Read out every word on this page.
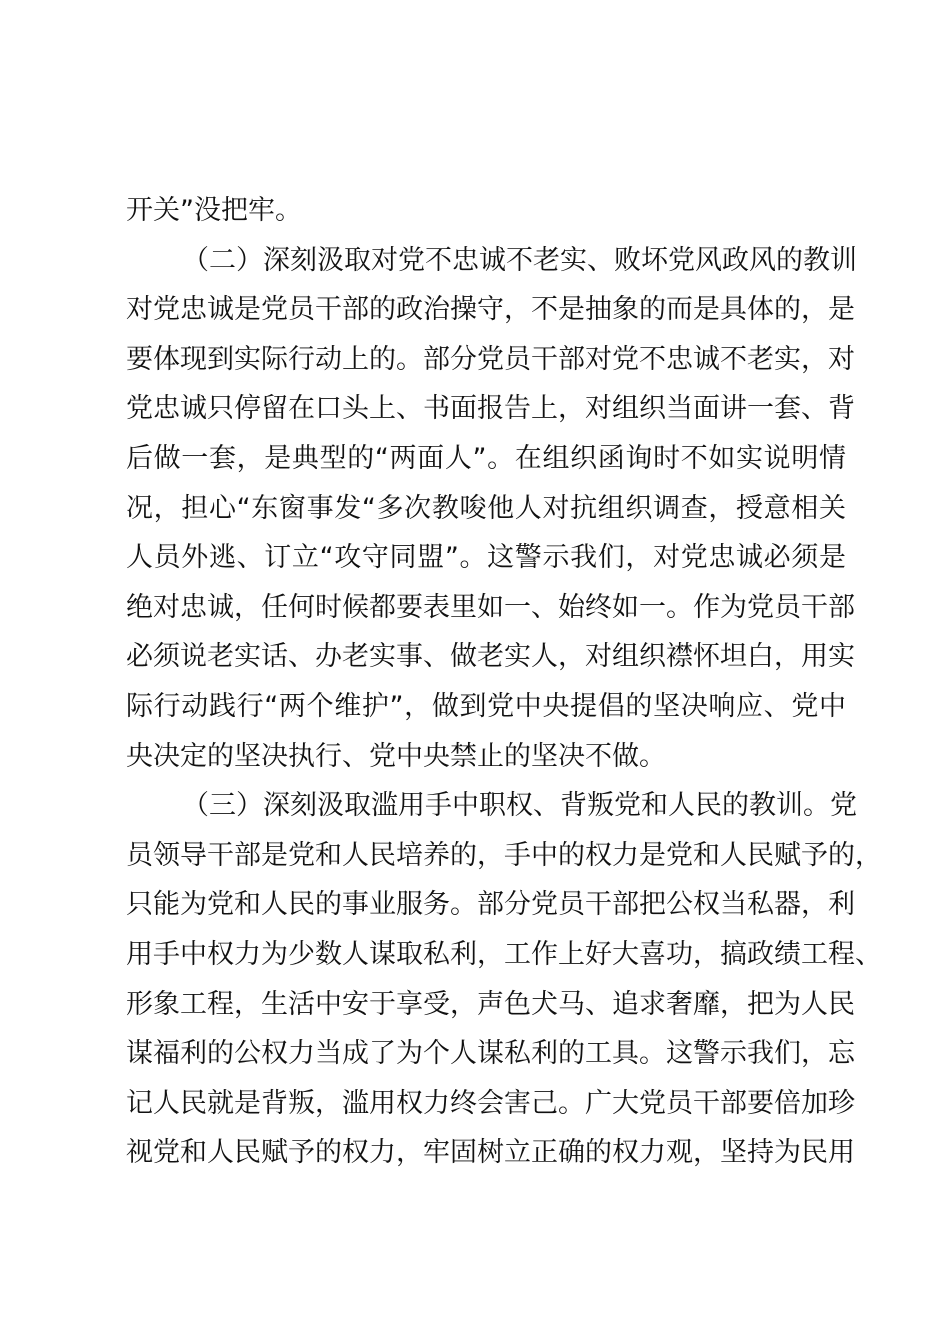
开关”没把牢。
（二）深刻汲取对党不忠诚不老实、败坏党风政风的教训
对党忠诚是党员干部的政治操守，不是抽象的而是具体的，是
要体现到实际行动上的。部分党员干部对党不忠诚不老实，对
党忠诚只停留在口头上、书面报告上，对组织当面讲一套、背
后做一套，是典型的“两面人”。在组织函询时不如实说明情
况，担心“东窗事发“多次教唆他人对抗组织调查，授意相关
人员外逃、订立“攻守同盟”。这警示我们，对党忠诚必须是
绝对忠诚，任何时候都要表里如一、始终如一。作为党员干部
必须说老实话、办老实事、做老实人，对组织襟怀坦白，用实
际行动践行“两个维护”，做到党中央提倡的坚决响应、党中
央决定的坚决执行、党中央禁止的坚决不做。
（三）深刻汲取滥用手中职权、背叛党和人民的教训。党
员领导干部是党和人民培养的，手中的权力是党和人民赋予的，
只能为党和人民的事业服务。部分党员干部把公权当私器，利
用手中权力为少数人谋取私利，工作上好大喜功，搞政绩工程、
形象工程，生活中安于享受，声色犬马、追求奢靡，把为人民
谋福利的公权力当成了为个人谋私利的工具。这警示我们，忘
记人民就是背叛，滥用权力终会害己。广大党员干部要倍加珍
视党和人民赋予的权力，牢固树立正确的权力观，坚持为民用
